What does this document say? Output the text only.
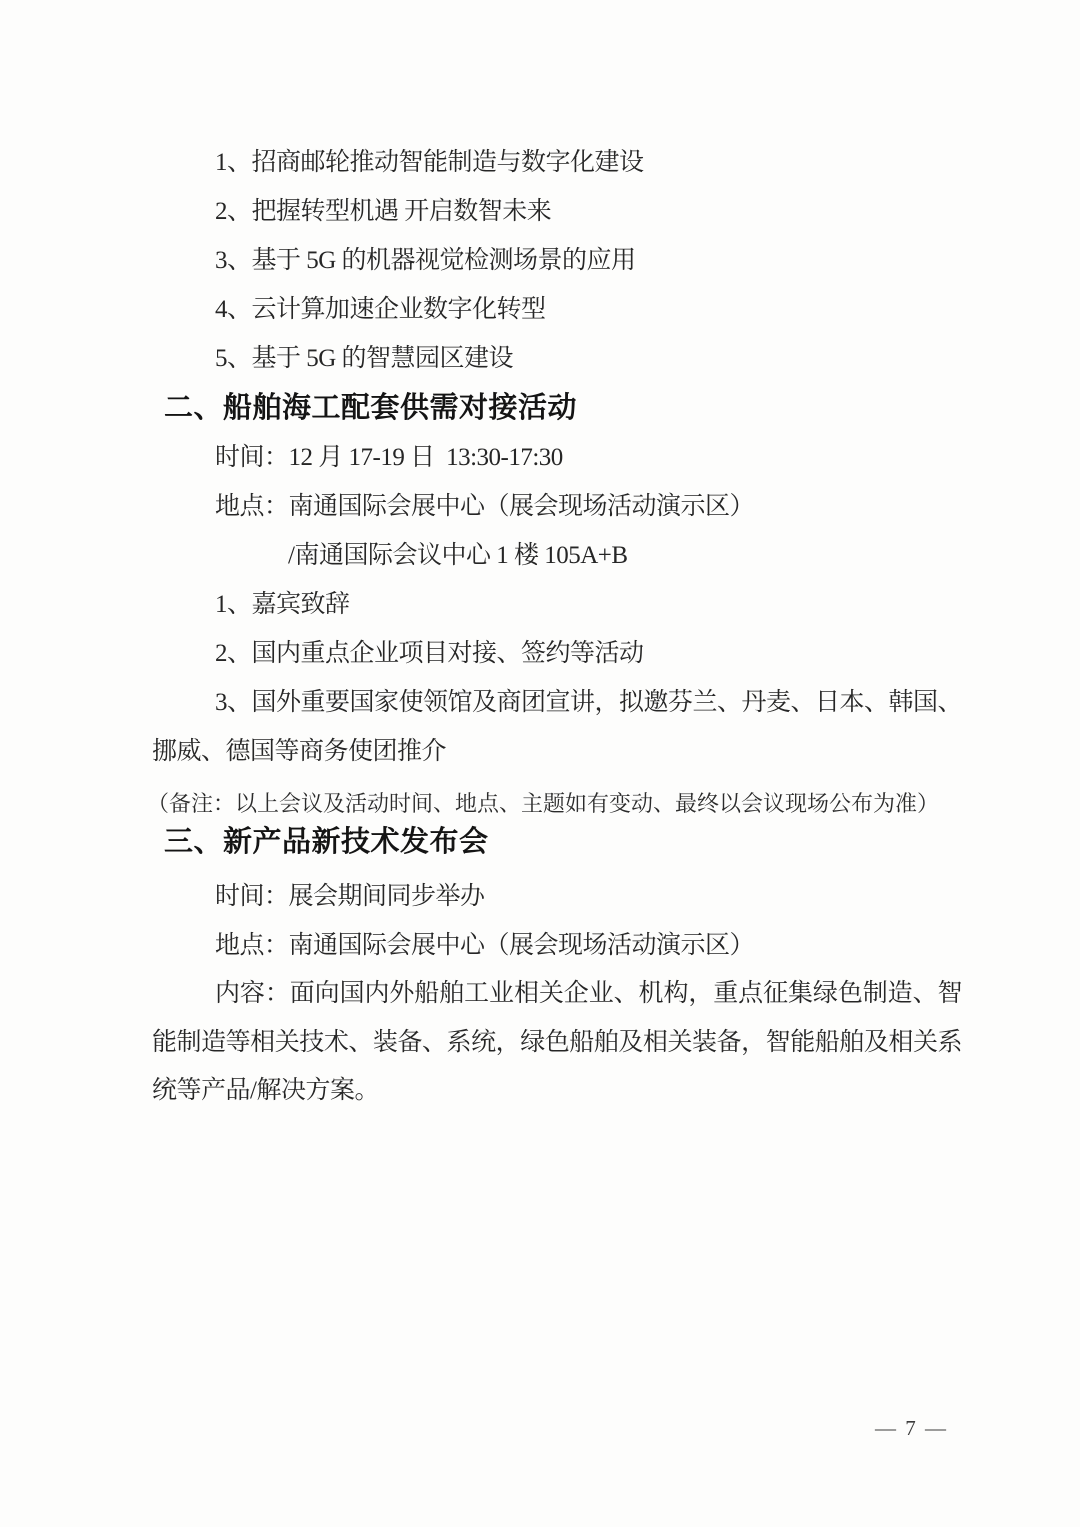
1、招商邮轮推动智能制造与数字化建设

2、把握转型机遇 开启数智未来

3、基于 5G 的机器视觉检测场景的应用

4、云计算加速企业数字化转型

5、基于 5G 的智慧园区建设

二、船舶海工配套供需对接活动

时间：12 月 17-19 日  13:30-17:30

地点：南通国际会展中心（展会现场活动演示区）

/南通国际会议中心 1 楼 105A+B

1、嘉宾致辞

2、国内重点企业项目对接、签约等活动

3、国外重要国家使领馆及商团宣讲，拟邀芬兰、丹麦、日本、韩国、挪威、德国等商务使团推介

（备注：以上会议及活动时间、地点、主题如有变动、最终以会议现场公布为准）

三、新产品新技术发布会

时间：展会期间同步举办

地点：南通国际会展中心（展会现场活动演示区）

内容：面向国内外船舶工业相关企业、机构，重点征集绿色制造、智能制造等相关技术、装备、系统，绿色船舶及相关装备，智能船舶及相关系统等产品/解决方案。

— 7 —
